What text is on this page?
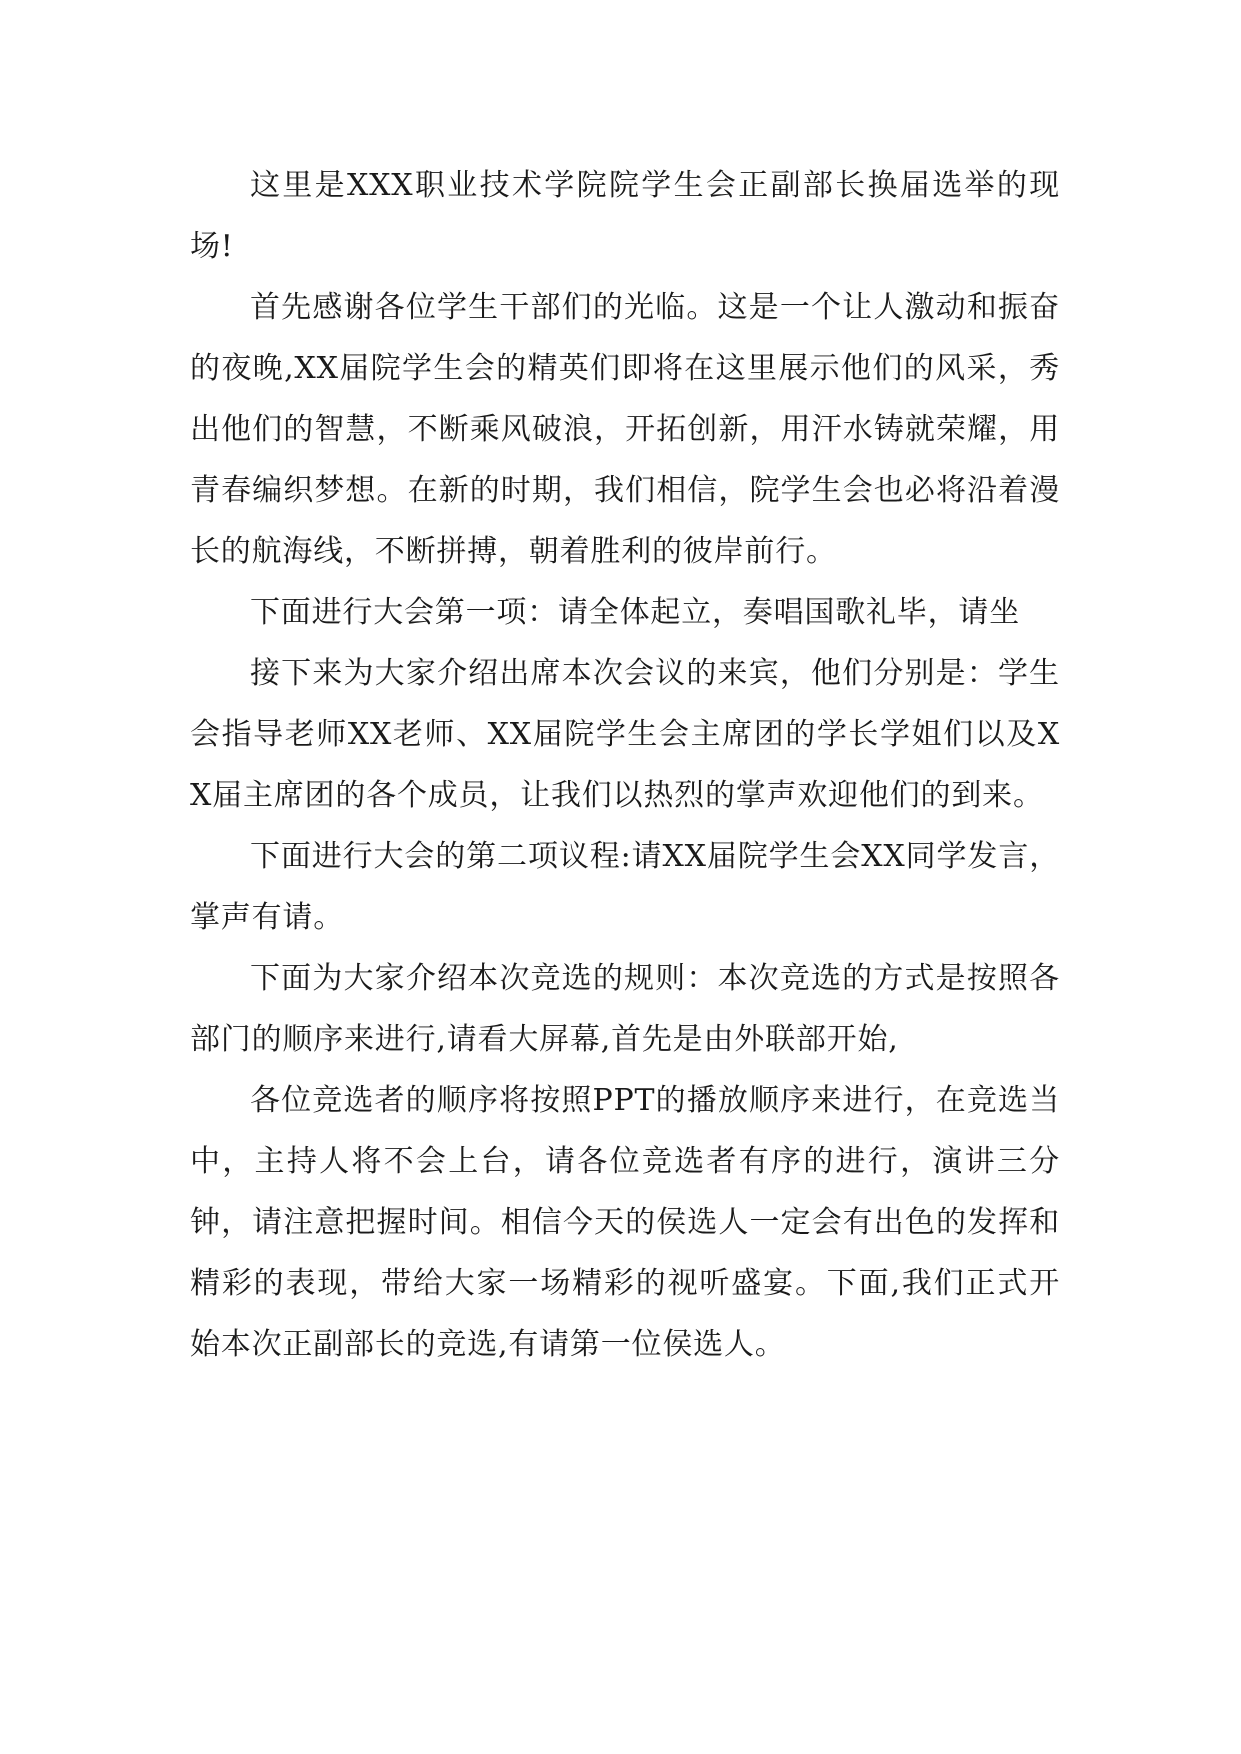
这里是XXX职业技术学院院学生会正副部长换届选举的现场!

首先感谢各位学生干部们的光临。这是一个让人激动和振奋的夜晚,XX届院学生会的精英们即将在这里展示他们的风采，秀出他们的智慧，不断乘风破浪，开拓创新，用汗水铸就荣耀，用青春编织梦想。在新的时期，我们相信，院学生会也必将沿着漫长的航海线，不断拼搏，朝着胜利的彼岸前行。

下面进行大会第一项：请全体起立，奏唱国歌礼毕，请坐

接下来为大家介绍出席本次会议的来宾，他们分别是：学生会指导老师XX老师、XX届院学生会主席团的学长学姐们以及XX届主席团的各个成员，让我们以热烈的掌声欢迎他们的到来。

下面进行大会的第二项议程:请XX届院学生会XX同学发言，掌声有请。

下面为大家介绍本次竞选的规则：本次竞选的方式是按照各部门的顺序来进行,请看大屏幕,首先是由外联部开始,

各位竞选者的顺序将按照PPT的播放顺序来进行，在竞选当中，主持人将不会上台，请各位竞选者有序的进行，演讲三分钟，请注意把握时间。相信今天的侯选人一定会有出色的发挥和精彩的表现，带给大家一场精彩的视听盛宴。下面,我们正式开始本次正副部长的竞选,有请第一位侯选人。
